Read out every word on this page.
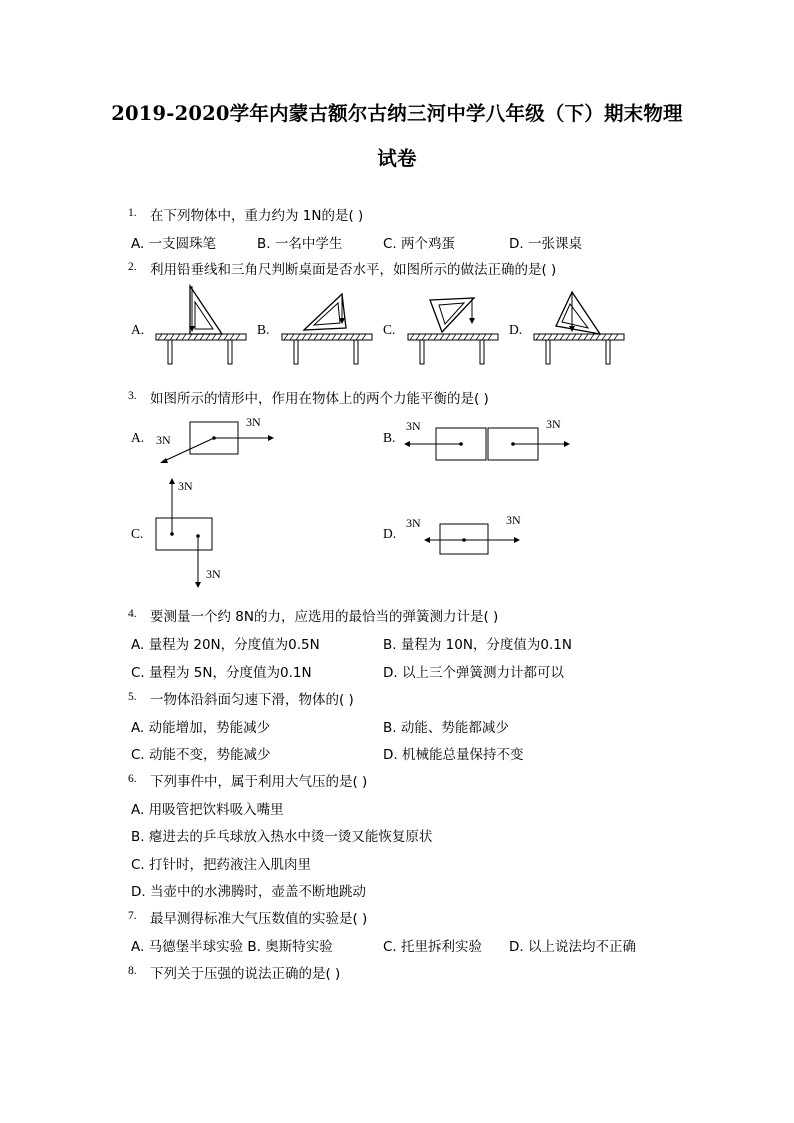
2019-2020学年内蒙古额尔古纳三河中学八年级（下）期末物理
试卷
1. 在下列物体中，重力约为 1N的是( )
A. 一支圆珠笔	B. 一名中学生	C. 两个鸡蛋	D. 一张课桌
2. 利用铅垂线和三角尺判断桌面是否水平，如图所示的做法正确的是( )
A.	B.	C.	D.
3. 如图所示的情形中，作用在物体上的两个力能平衡的是( )
A.	B.
C.	D.
3N
3N
3N	3N
3N
3N
3N	3N
4. 要测量一个约 8N的力，应选用的最恰当的弹簧测力计是( )
A. 量程为 20N，分度值为0.5N	B. 量程为 10N，分度值为0.1N
C. 量程为 5N，分度值为0.1N	D. 以上三个弹簧测力计都可以
5. 一物体沿斜面匀速下滑，物体的( )
A. 动能增加，势能减少	B. 动能、势能都减少
C. 动能不变，势能减少	D. 机械能总量保持不变
6. 下列事件中，属于利用大气压的是( )
A. 用吸管把饮料吸入嘴里
B. 瘪进去的乒乓球放入热水中烫一烫又能恢复原状
C. 打针时，把药液注入肌肉里
D. 当壶中的水沸腾时，壶盖不断地跳动
7. 最早测得标准大气压数值的实验是( )
A. 马德堡半球实验 B. 奥斯特实验	C. 托里拆利实验 D. 以上说法均不正确
8. 下列关于压强的说法正确的是( )
